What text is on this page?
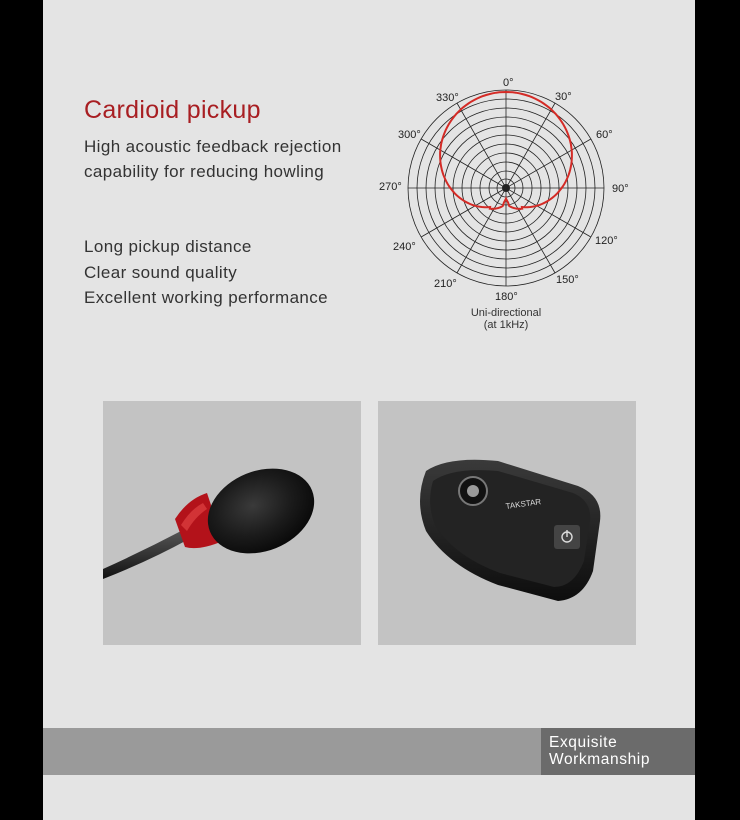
Cardioid pickup
High acoustic feedback rejection
capability for reducing howling
Long pickup distance
Clear sound quality
Excellent working performance
0°
30°
60°
90°
120°
150°
180°
210°
240°
270°
300°
330°
Uni-directional
(at 1kHz)
TAKSTAR
Exquisite
Workmanship
